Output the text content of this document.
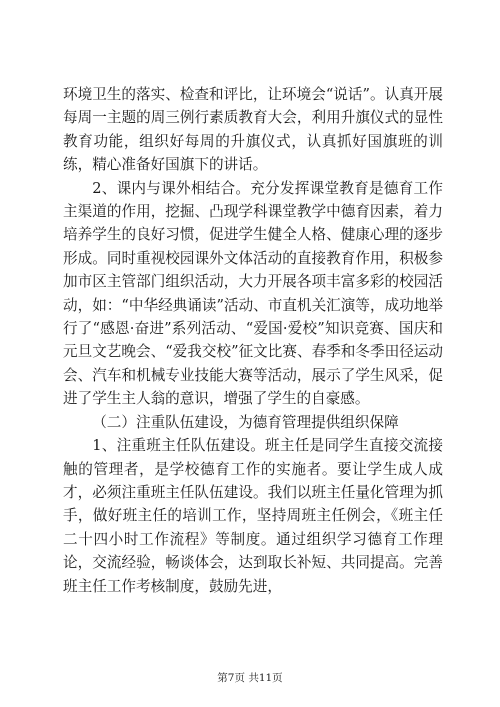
环境卫生的落实、检查和评比，让环境会“说话”。认真开展每周一主题的周三例行素质教育大会，利用升旗仪式的显性教育功能，组织好每周的升旗仪式，认真抓好国旗班的训练，精心准备好国旗下的讲话。

2、课内与课外相结合。充分发挥课堂教育是德育工作主渠道的作用，挖掘、凸现学科课堂教学中德育因素，着力培养学生的良好习惯，促进学生健全人格、健康心理的逐步形成。同时重视校园课外文体活动的直接教育作用，积极参加市区主管部门组织活动，大力开展各项丰富多彩的校园活动，如：“中华经典诵读”活动、市直机关汇演等，成功地举行了“感恩·奋进”系列活动、“爱国·爱校”知识竞赛、国庆和元旦文艺晚会、“爱我交校”征文比赛、春季和冬季田径运动会、汽车和机械专业技能大赛等活动，展示了学生风采，促进了学生主人翁的意识，增强了学生的自豪感。

（二）注重队伍建设，为德育管理提供组织保障

1、注重班主任队伍建设。班主任是同学生直接交流接触的管理者，是学校德育工作的实施者。要让学生成人成才，必须注重班主任队伍建设。我们以班主任量化管理为抓手，做好班主任的培训工作，坚持周班主任例会，《班主任二十四小时工作流程》等制度。通过组织学习德育工作理论，交流经验，畅谈体会，达到取长补短、共同提高。完善班主任工作考核制度，鼓励先进，

第7页 共11页
